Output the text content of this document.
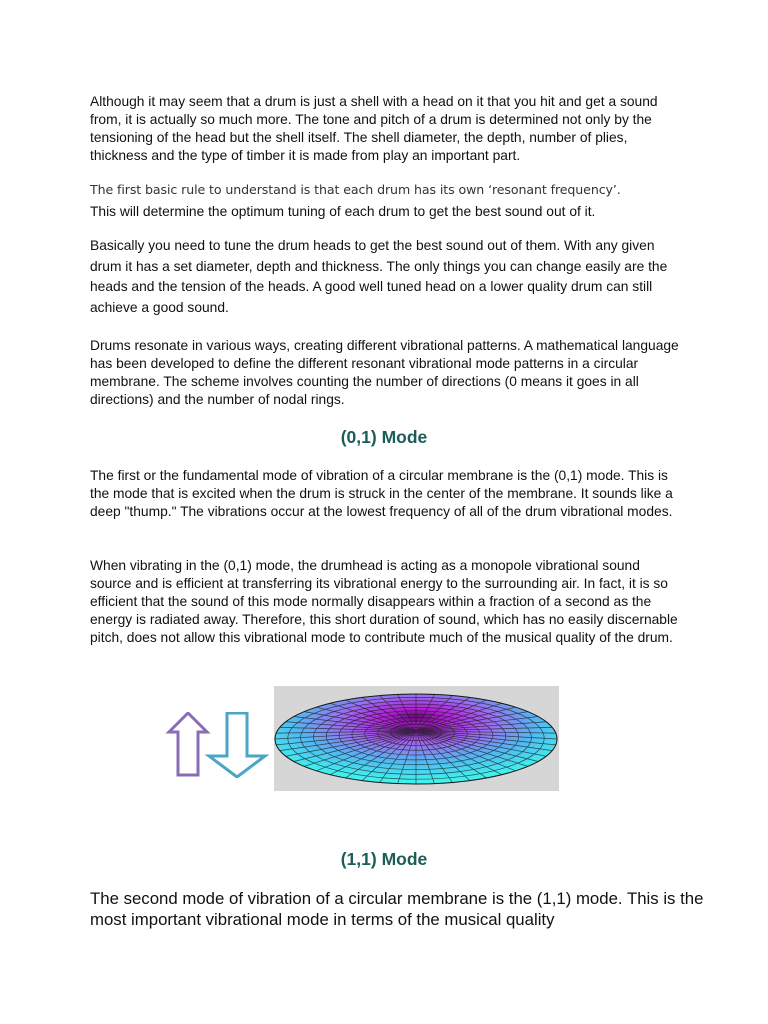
Although it may seem that a drum is just a shell with a head on it that you hit and get a sound from, it is actually so much more. The tone and pitch of a drum is determined not only by the tensioning of the head but the shell itself. The shell diameter, the depth, number of plies, thickness and the type of timber it is made from play an important part.

The first basic rule to understand is that each drum has its own ‘resonant frequency’.

This will determine the optimum tuning of each drum to get the best sound out of it.

Basically you need to tune the drum heads to get the best sound out of them. With any given drum it has a set diameter, depth and thickness. The only things you can change easily are the heads and the tension of the heads. A good well tuned head on a lower quality drum can still achieve a good sound.

Drums resonate in various ways, creating different vibrational patterns. A mathematical language has been developed to define the different resonant vibrational mode patterns in a circular membrane. The scheme involves counting the number of directions (0 means it goes in all directions) and the number of nodal rings.

(0,1) Mode

The first or the fundamental mode of vibration of a circular membrane is the (0,1) mode. This is the mode that is excited when the drum is struck in the center of the membrane. It sounds like a deep "thump." The vibrations occur at the lowest frequency of all of the drum vibrational modes.

When vibrating in the (0,1) mode, the drumhead is acting as a monopole vibrational sound source and is efficient at transferring its vibrational energy to the surrounding air. In fact, it is so efficient that the sound of this mode normally disappears within a fraction of a second as the energy is radiated away. Therefore, this short duration of sound, which has no easily discernable pitch, does not allow this vibrational mode to contribute much of the musical quality of the drum.

(1,1) Mode

The second mode of vibration of a circular membrane is the (1,1) mode. This is the most important vibrational mode in terms of the musical quality
